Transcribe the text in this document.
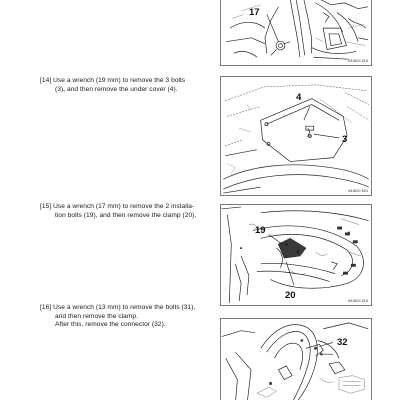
17
IM1800 618
[14] Use a wrench (19 mm) to remove the 3 bolts
(3), and then remove the under cover (4).
4
3
IM1800 603
[15] Use a wrench (17 mm) to remove the 2 installa-
tion bolts (19), and then remove the clamp (20).
19
20	IM1800 618
[16] Use a wrench (13 mm) to remove the bolts (31),
and then remove the clamp.
After this, remove the connector (32).
32
